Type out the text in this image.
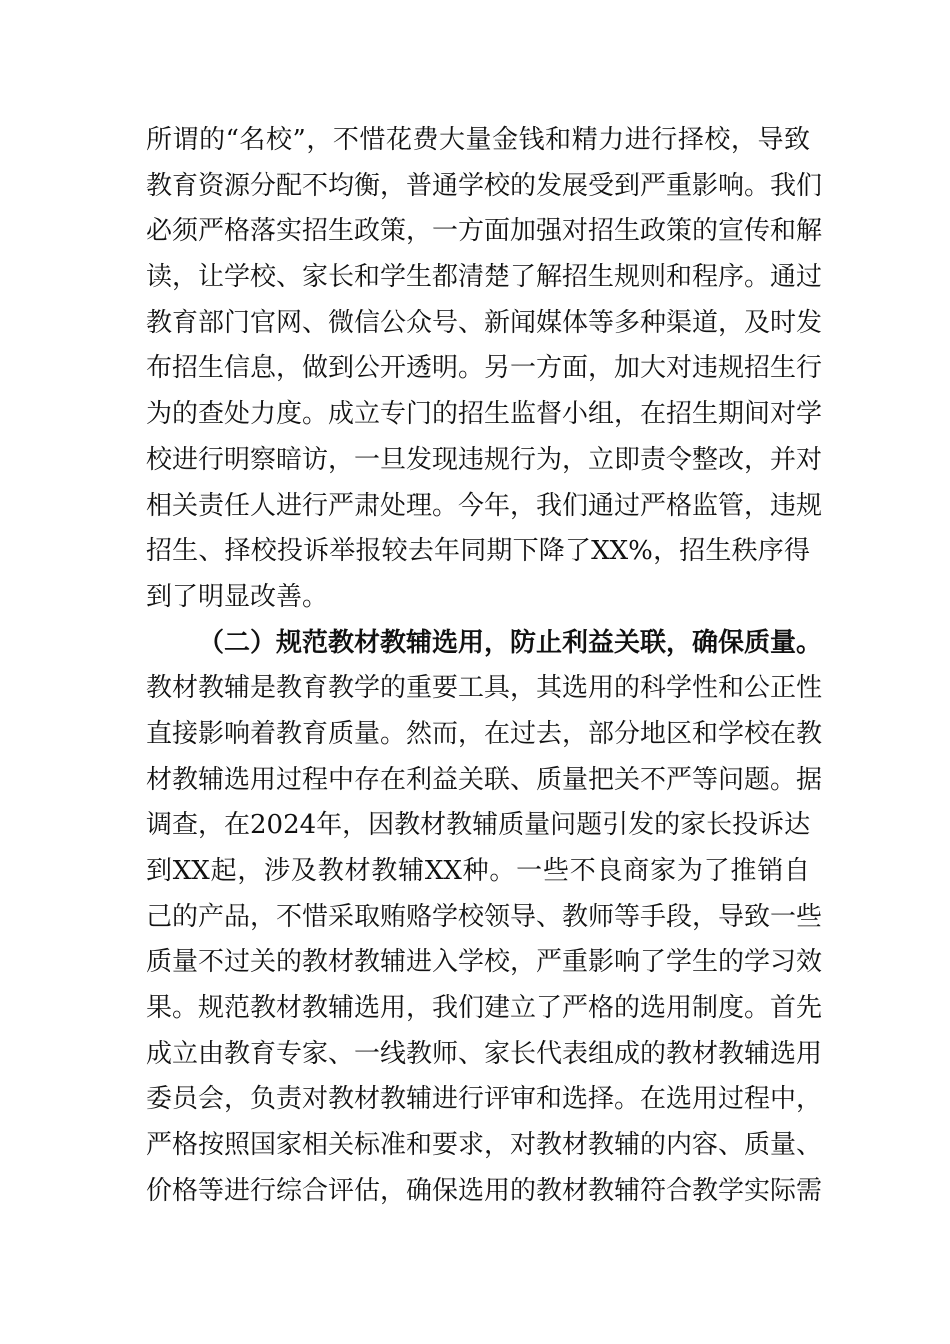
所谓的“名校”，不惜花费大量金钱和精力进行择校，导致
教育资源分配不均衡，普通学校的发展受到严重影响。我们
必须严格落实招生政策，一方面加强对招生政策的宣传和解
读，让学校、家长和学生都清楚了解招生规则和程序。通过
教育部门官网、微信公众号、新闻媒体等多种渠道，及时发
布招生信息，做到公开透明。另一方面，加大对违规招生行
为的查处力度。成立专门的招生监督小组，在招生期间对学
校进行明察暗访，一旦发现违规行为，立即责令整改，并对
相关责任人进行严肃处理。今年，我们通过严格监管，违规
招生、择校投诉举报较去年同期下降了XX%，招生秩序得
到了明显改善。
（二）规范教材教辅选用，防止利益关联，确保质量。
教材教辅是教育教学的重要工具，其选用的科学性和公正性
直接影响着教育质量。然而，在过去，部分地区和学校在教
材教辅选用过程中存在利益关联、质量把关不严等问题。据
调查，在2024年，因教材教辅质量问题引发的家长投诉达
到XX起，涉及教材教辅XX种。一些不良商家为了推销自
己的产品，不惜采取贿赂学校领导、教师等手段，导致一些
质量不过关的教材教辅进入学校，严重影响了学生的学习效
果。规范教材教辅选用，我们建立了严格的选用制度。首先
成立由教育专家、一线教师、家长代表组成的教材教辅选用
委员会，负责对教材教辅进行评审和选择。在选用过程中，
严格按照国家相关标准和要求，对教材教辅的内容、质量、
价格等进行综合评估，确保选用的教材教辅符合教学实际需
